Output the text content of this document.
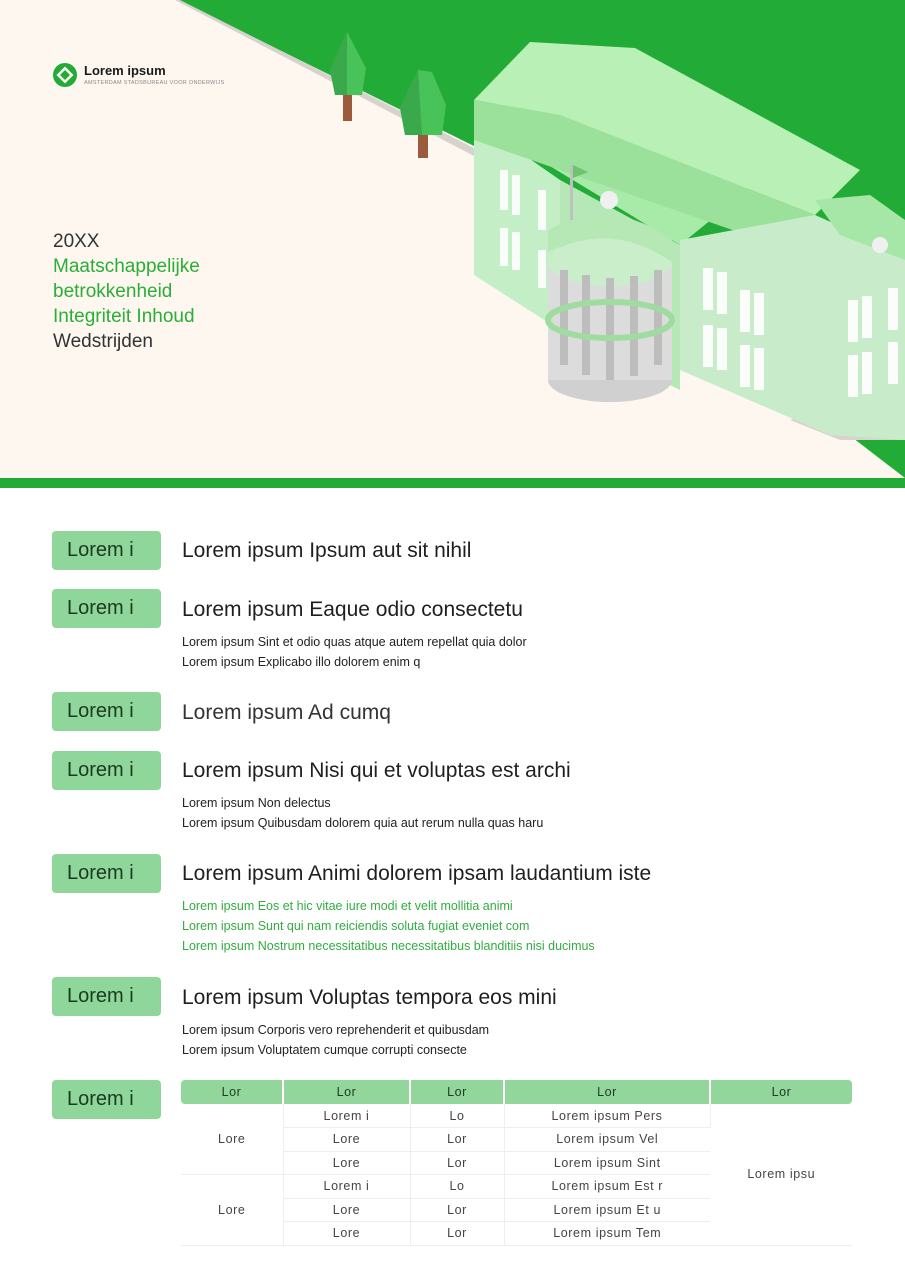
Lorem ipsum
AMSTERDAM STADSBUREAU VOOR ONDERWIJS
20XX
Maatschappelijke
betrokkenheid
Integriteit Inhoud
Wedstrijden
Lorem i	Lorem ipsum Ipsum aut sit nihil
Lorem i	Lorem ipsum Eaque odio consectetu
Lorem ipsum Sint et odio quas atque autem repellat quia dolor
Lorem ipsum Explicabo illo dolorem enim q
Lorem i	Lorem ipsum Ad cumq
Lorem i	Lorem ipsum Nisi qui et voluptas est archi
Lorem ipsum Non delectus
Lorem ipsum Quibusdam dolorem quia aut rerum nulla quas haru
Lorem i	Lorem ipsum Animi dolorem ipsam laudantium iste
Lorem ipsum Eos et hic vitae iure modi et velit mollitia animi
Lorem ipsum Sunt qui nam reiciendis soluta fugiat eveniet com
Lorem ipsum Nostrum necessitatibus necessitatibus blanditiis nisi ducimus
Lorem i	Lorem ipsum Voluptas tempora eos mini
Lorem ipsum Corporis vero reprehenderit et quibusdam
Lorem ipsum Voluptatem cumque corrupti consecte
Lorem i	Lor	Lor	Lor	Lor	Lor
Lore	Lorem i	Lo	Lorem ipsum Pers	Lorem ipsu
	Lore	Lor	Lorem ipsum Vel	
	Lore	Lor	Lorem ipsum Sint	
Lore	Lorem i	Lo	Lorem ipsum Est r	
	Lore	Lor	Lorem ipsum Et u	
	Lore	Lor	Lorem ipsum Tem	
